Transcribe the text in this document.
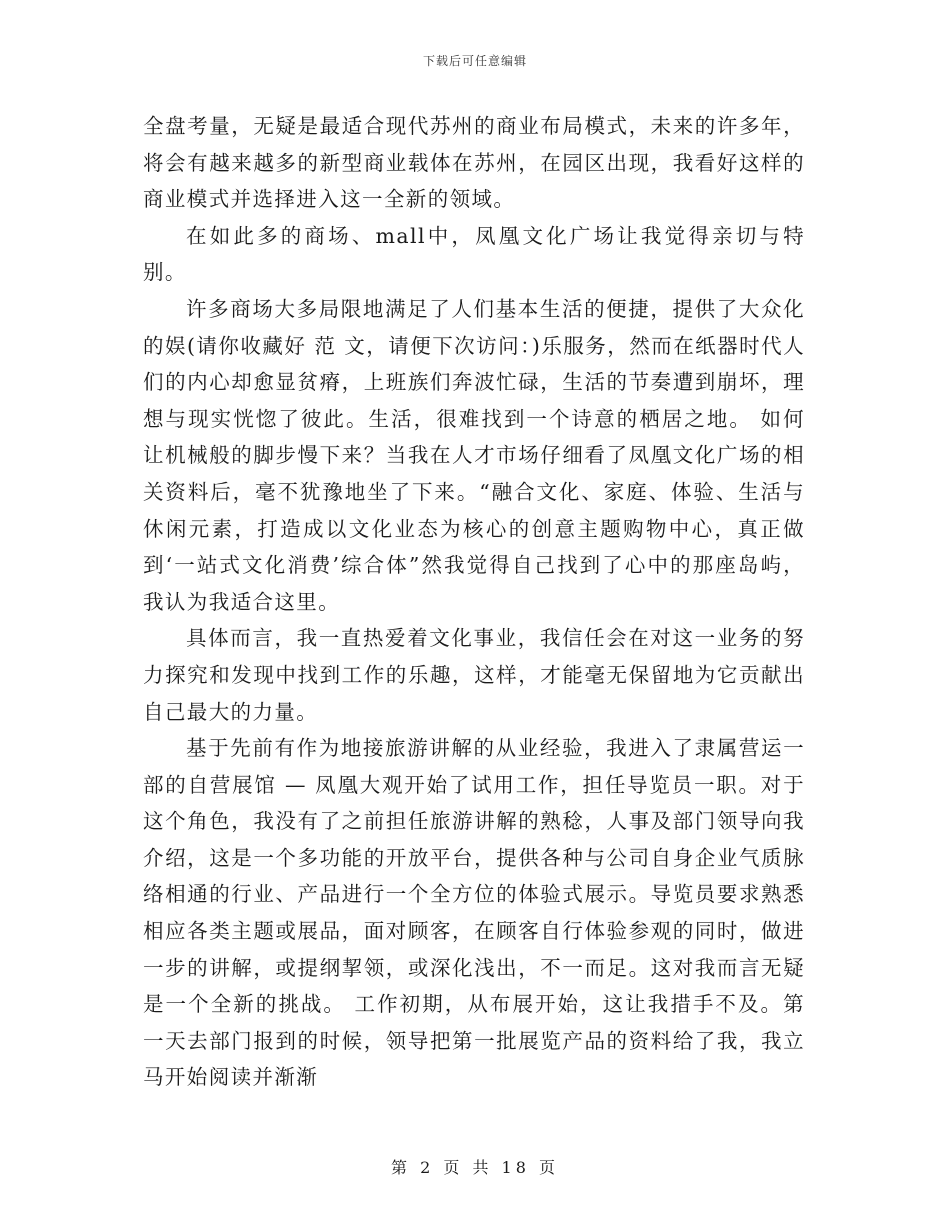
下载后可任意编辑

全盘考量，无疑是最适合现代苏州的商业布局模式，未来的许多年，将会有越来越多的新型商业载体在苏州，在园区出现，我看好这样的商业模式并选择进入这一全新的领域。

在如此多的商场、mall中，凤凰文化广场让我觉得亲切与特别。

许多商场大多局限地满足了人们基本生活的便捷，提供了大众化的娱(请你收藏好 范 文，请便下次访问：)乐服务，然而在纸器时代人们的内心却愈显贫瘠，上班族们奔波忙碌，生活的节奏遭到崩坏，理想与现实恍惚了彼此。生活，很难找到一个诗意的栖居之地。 如何让机械般的脚步慢下来？当我在人才市场仔细看了凤凰文化广场的相关资料后，毫不犹豫地坐了下来。“融合文化、家庭、体验、生活与休闲元素，打造成以文化业态为核心的创意主题购物中心，真正做到‘一站式文化消费’综合体”然我觉得自己找到了心中的那座岛屿，我认为我适合这里。

具体而言，我一直热爱着文化事业，我信任会在对这一业务的努力探究和发现中找到工作的乐趣，这样，才能毫无保留地为它贡献出自己最大的力量。

基于先前有作为地接旅游讲解的从业经验，我进入了隶属营运一部的自营展馆 — 凤凰大观开始了试用工作，担任导览员一职。对于这个角色，我没有了之前担任旅游讲解的熟稔，人事及部门领导向我介绍，这是一个多功能的开放平台，提供各种与公司自身企业气质脉络相通的行业、产品进行一个全方位的体验式展示。导览员要求熟悉相应各类主题或展品，面对顾客，在顾客自行体验参观的同时，做进一步的讲解，或提纲挈领，或深化浅出，不一而足。这对我而言无疑是一个全新的挑战。 工作初期，从布展开始，这让我措手不及。第一天去部门报到的时候，领导把第一批展览产品的资料给了我，我立马开始阅读并渐渐

第 2 页 共 18 页
